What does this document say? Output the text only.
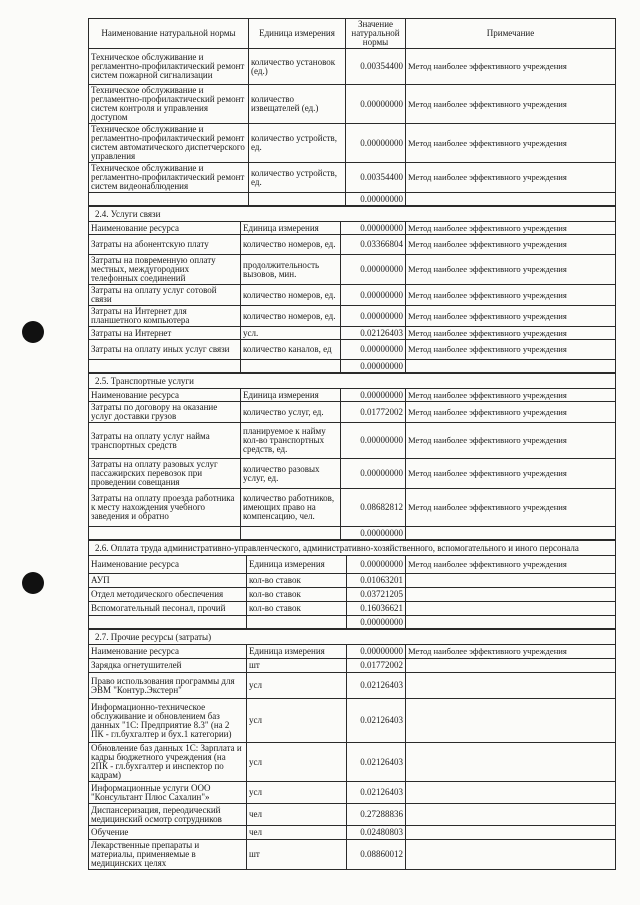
Наименование натуральной нормы	Единица измерения	Значение натуральной нормы	Примечание
Техническое обслуживание и регламентно-профилактический ремонт систем пожарной сигнализации	количество установок (ед.)	0.00354400	Метод наиболее эффективного учреждения
Техническое обслуживание и регламентно-профилактический ремонт систем контроля и управления доступом	количество извещателей (ед.)	0.00000000	Метод наиболее эффективного учреждения
Техническое обслуживание и регламентно-профилактический ремонт систем автоматического диспетчерского управления	количество устройств, ед.	0.00000000	Метод наиболее эффективного учреждения
Техническое обслуживание и регламентно-профилактический ремонт систем видеонаблюдения	количество устройств, ед.	0.00354400	Метод наиболее эффективного учреждения
		0.00000000	
2.4. Услуги связи
Наименование ресурса	Единица измерения	0.00000000	Метод наиболее эффективного учреждения
Затраты на абонентскую плату	количество номеров, ед.	0.03366804	Метод наиболее эффективного учреждения
Затраты на повременную оплату местных, междугородних телефонных соединений	продолжительность вызовов, мин.	0.00000000	Метод наиболее эффективного учреждения
Затраты на оплату услуг сотовой связи	количество номеров, ед.	0.00000000	Метод наиболее эффективного учреждения
Затраты на Интернет для планшетного компьютера	количество номеров, ед.	0.00000000	Метод наиболее эффективного учреждения
Затраты на Интернет	усл.	0.02126403	Метод наиболее эффективного учреждения
Затраты на оплату иных услуг связи	количество каналов, ед	0.00000000	Метод наиболее эффективного учреждения
		0.00000000	
2.5. Транспортные услуги
Наименование ресурса	Единица измерения	0.00000000	Метод наиболее эффективного учреждения
Затраты по договору на оказание услуг доставки грузов	количество услуг, ед.	0.01772002	Метод наиболее эффективного учреждения
Затраты на оплату услуг найма транспортных средств	планируемое к найму кол-во транспортных средств, ед.	0.00000000	Метод наиболее эффективного учреждения
Затраты на оплату разовых услуг пассажирских перевозок при проведении совещания	количество разовых услуг, ед.	0.00000000	Метод наиболее эффективного учреждения
Затраты на оплату проезда работника к месту нахождения учебного заведения и обратно	количество работников, имеющих право на компенсацию, чел.	0.08682812	Метод наиболее эффективного учреждения
		0.00000000	
2.6. Оплата труда административно-управленческого, административно-хозяйственного, вспомогательного и иного персонала
Наименование ресурса	Единица измерения	0.00000000	Метод наиболее эффективного учреждения
АУП	кол-во ставок	0.01063201	
Отдел методического обеспечения	кол-во ставок	0.03721205	
Вспомогательный песонал, прочий	кол-во ставок	0.16036621	
		0.00000000	
2.7. Прочие ресурсы (затраты)
Наименование ресурса	Единица измерения	0.00000000	Метод наиболее эффективного учреждения
Зарядка огнетушителей	шт	0.01772002	
Право использования программы для ЭВМ "Контур.Экстерн"	усл	0.02126403	
Информационно-техническое обслуживание и обновлением баз данных "1С: Предприятие 8.3" (на 2 ПК - гл.бухгалтер и бух.1 категории)	усл	0.02126403	
Обновление баз данных 1С: Зарплата и кадры бюджетного учреждения (на 2ПК - гл.бухгалтер и инспектор по кадрам)	усл	0.02126403	
Информационные услуги ООО "Консультант Плюс Сахалин"»	усл	0.02126403	
Диспансеризация, переодический медицинский осмотр сотрудников	чел	0.27288836	
Обучение	чел	0.02480803	
Лекарственные препараты и материалы, применяемые в медицинских целях	шт	0.08860012	
